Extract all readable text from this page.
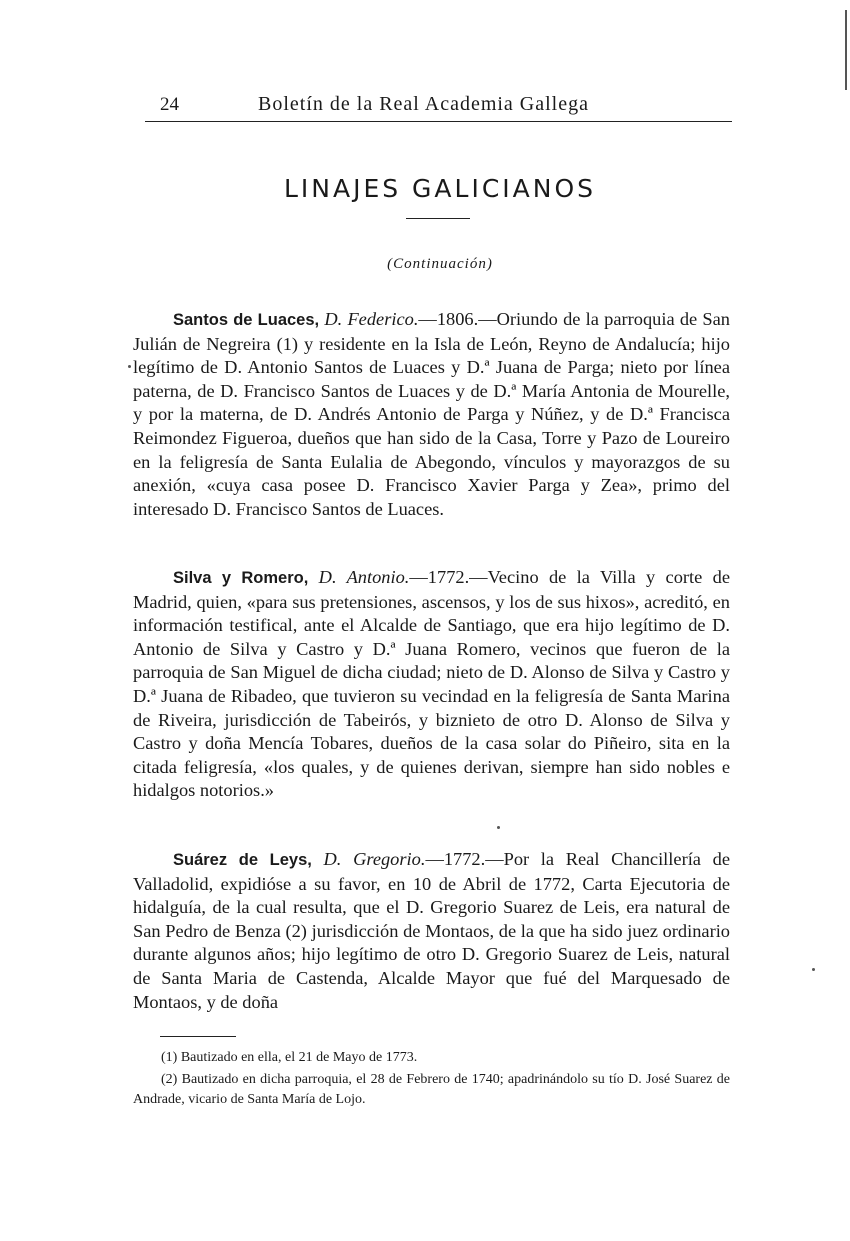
24	Boletín de la Real Academia Gallega
LINAJES GALICIANOS
(Continuación)

Santos de Luaces, D. Federico.—1806.—Oriundo de la parroquia de San Julián de Negreira (1) y residente en la Isla de León, Reyno de Andalucía; hijo legítimo de D. Antonio Santos de Luaces y D.ª Juana de Parga; nieto por línea paterna, de D. Francisco Santos de Luaces y de D.ª María Antonia de Mourelle, y por la materna, de D. Andrés Antonio de Parga y Núñez, y de D.ª Francisca Reimondez Figueroa, dueños que han sido de la Casa, Torre y Pazo de Loureiro en la feligresía de Santa Eulalia de Abegondo, vínculos y mayorazgos de su anexión, «cuya casa posee D. Francisco Xavier Parga y Zea», primo del interesado D. Francisco Santos de Luaces.

Silva y Romero, D. Antonio.—1772.—Vecino de la Villa y corte de Madrid, quien, «para sus pretensiones, ascensos, y los de sus hixos», acreditó, en información testifical, ante el Alcalde de Santiago, que era hijo legítimo de D. Antonio de Silva y Castro y D.ª Juana Romero, vecinos que fueron de la parroquia de San Miguel de dicha ciudad; nieto de D. Alonso de Silva y Castro y D.ª Juana de Ribadeo, que tuvieron su vecindad en la feligresía de Santa Marina de Riveira, jurisdicción de Tabeirós, y biznieto de otro D. Alonso de Silva y Castro y doña Mencía Tobares, dueños de la casa solar do Piñeiro, sita en la citada feligresía, «los quales, y de quienes derivan, siempre han sido nobles e hidalgos notorios.»

Suárez de Leys, D. Gregorio.—1772.—Por la Real Chancillería de Valladolid, expidióse a su favor, en 10 de Abril de 1772, Carta Ejecutoria de hidalguía, de la cual resulta, que el D. Gregorio Suarez de Leis, era natural de San Pedro de Benza (2) jurisdicción de Montaos, de la que ha sido juez ordinario durante algunos años; hijo legítimo de otro D. Gregorio Suarez de Leis, natural de Santa Maria de Castenda, Alcalde Mayor que fué del Marquesado de Montaos, y de doña

(1) Bautizado en ella, el 21 de Mayo de 1773.

(2) Bautizado en dicha parroquia, el 28 de Febrero de 1740; apadrinándolo su tío D. José Suarez de Andrade, vicario de Santa María de Lojo.
